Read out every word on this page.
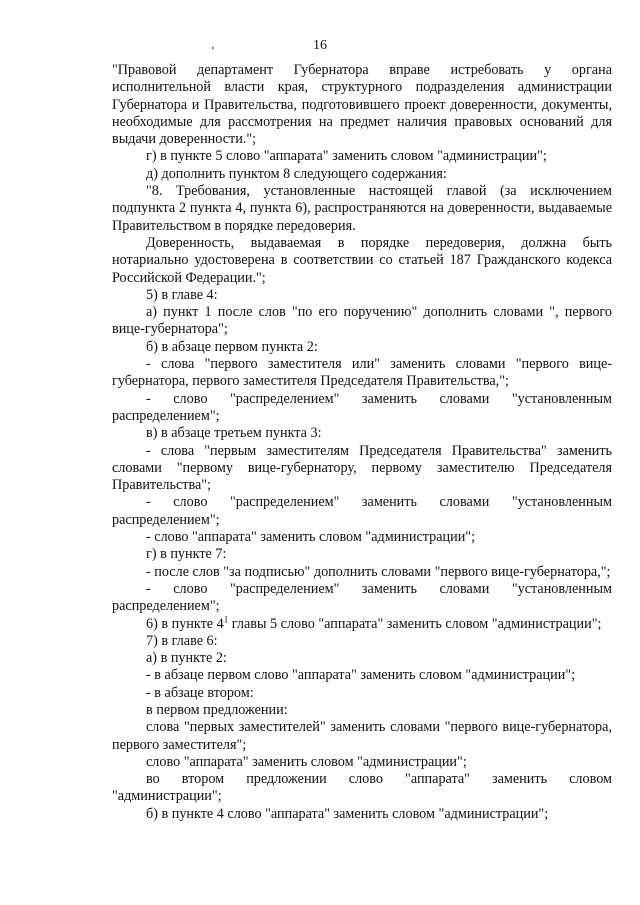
16

"Правовой департамент Губернатора вправе истребовать у органа исполнительной власти края, структурного подразделения администрации Губернатора и Правительства, подготовившего проект доверенности, документы, необходимые для рассмотрения на предмет наличия правовых оснований для выдачи доверенности.";

г) в пункте 5 слово "аппарата" заменить словом "администрации";

д) дополнить пунктом 8 следующего содержания:

"8. Требования, установленные настоящей главой (за исключением подпункта 2 пункта 4, пункта 6), распространяются на доверенности, выдаваемые Правительством в порядке передоверия.

Доверенность, выдаваемая в порядке передоверия, должна быть нотариально удостоверена в соответствии со статьей 187 Гражданского кодекса Российской Федерации.";

5) в главе 4:

а) пункт 1 после слов "по его поручению" дополнить словами ", первого вице-губернатора";

б) в абзаце первом пункта 2:

- слова "первого заместителя или" заменить словами "первого вице-губернатора, первого заместителя Председателя Правительства,";

- слово "распределением" заменить словами "установленным распределением";

в) в абзаце третьем пункта 3:

- слова "первым заместителям Председателя Правительства" заменить словами "первому вице-губернатору, первому заместителю Председателя Правительства";

- слово "распределением" заменить словами "установленным распределением";

- слово "аппарата" заменить словом "администрации";

г) в пункте 7:

- после слов "за подписью" дополнить словами "первого вице-губернатора,";

- слово "распределением" заменить словами "установленным распределением";

6) в пункте $4^1$ главы 5 слово "аппарата" заменить словом "администрации";

7) в главе 6:

а) в пункте 2:

- в абзаце первом слово "аппарата" заменить словом "администрации";

- в абзаце втором:

в первом предложении:

слова "первых заместителей" заменить словами "первого вице-губернатора, первого заместителя";

слово "аппарата" заменить словом "администрации";

во втором предложении слово "аппарата" заменить словом "администрации";

б) в пункте 4 слово "аппарата" заменить словом "администрации";
